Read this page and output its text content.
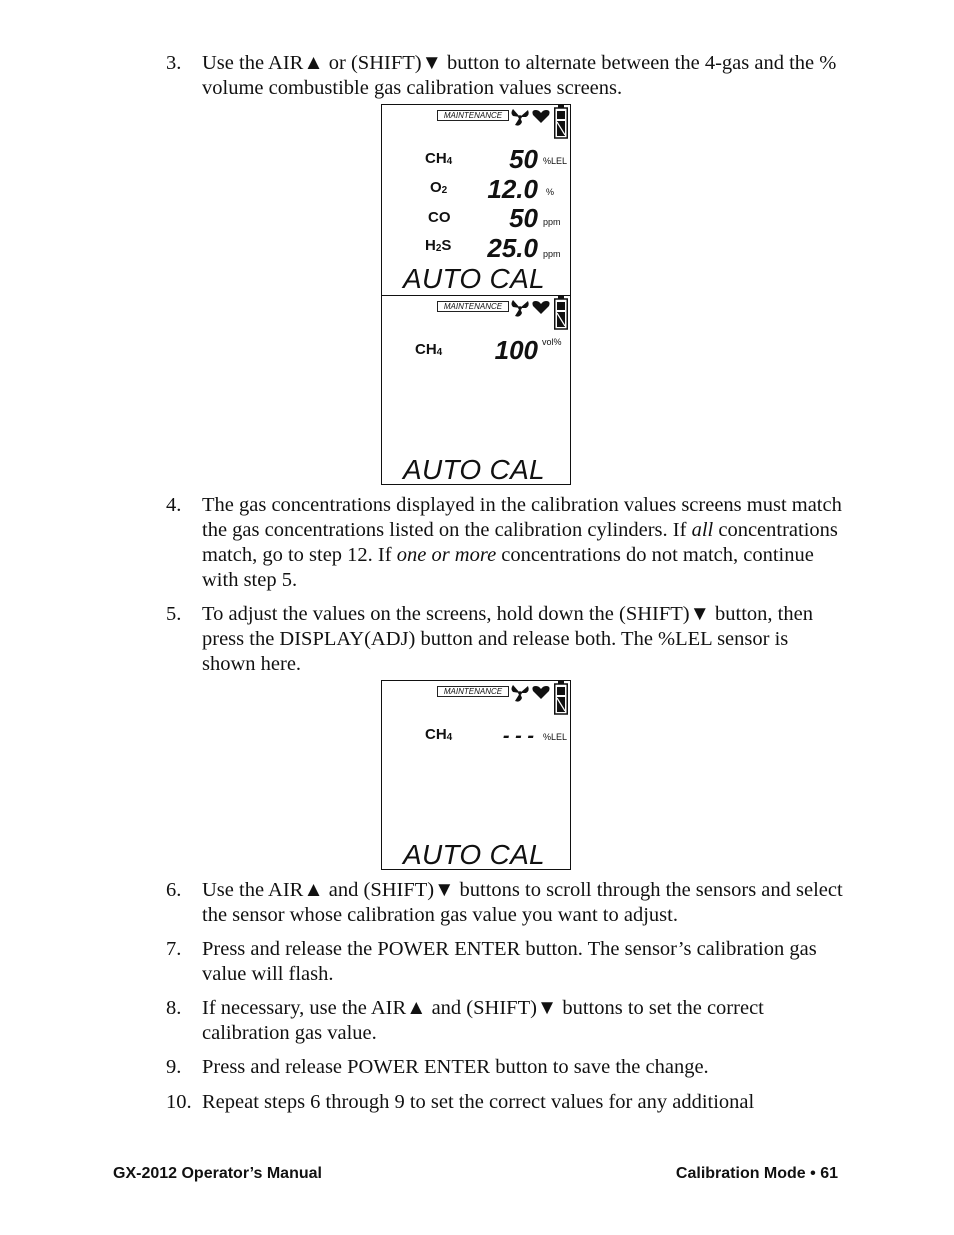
3. Use the AIR▲ or (SHIFT)▼ button to alternate between the 4-gas and the % volume combustible gas calibration values screens.
MAINTENANCE
$CH_4$	50 %LEL
$O_2$ 12.0 %
CO	50 ppm
$H_2S$ 25.0 ppm
AUTO CAL
MAINTENANCE
$CH_4$	100 vol%
AUTO CAL
4. The gas concentrations displayed in the calibration values screens must match the gas concentrations listed on the calibration cylinders. If all concentrations match, go to step 12. If one or more concentrations do not match, continue with step 5.
5. To adjust the values on the screens, hold down the (SHIFT)▼ button, then press the DISPLAY(ADJ) button and release both. The %LEL sensor is shown here.
MAINTENANCE
$CH_4$	- - - %LEL
AUTO CAL
6. Use the AIR▲ and (SHIFT)▼ buttons to scroll through the sensors and select the sensor whose calibration gas value you want to adjust.
7. Press and release the POWER ENTER button. The sensor’s calibration gas value will flash.
8. If necessary, use the AIR▲ and (SHIFT)▼ buttons to set the correct calibration gas value.
9. Press and release POWER ENTER button to save the change.
10. Repeat steps 6 through 9 to set the correct values for any additional
GX-2012 Operator’s Manual	Calibration Mode • 61
